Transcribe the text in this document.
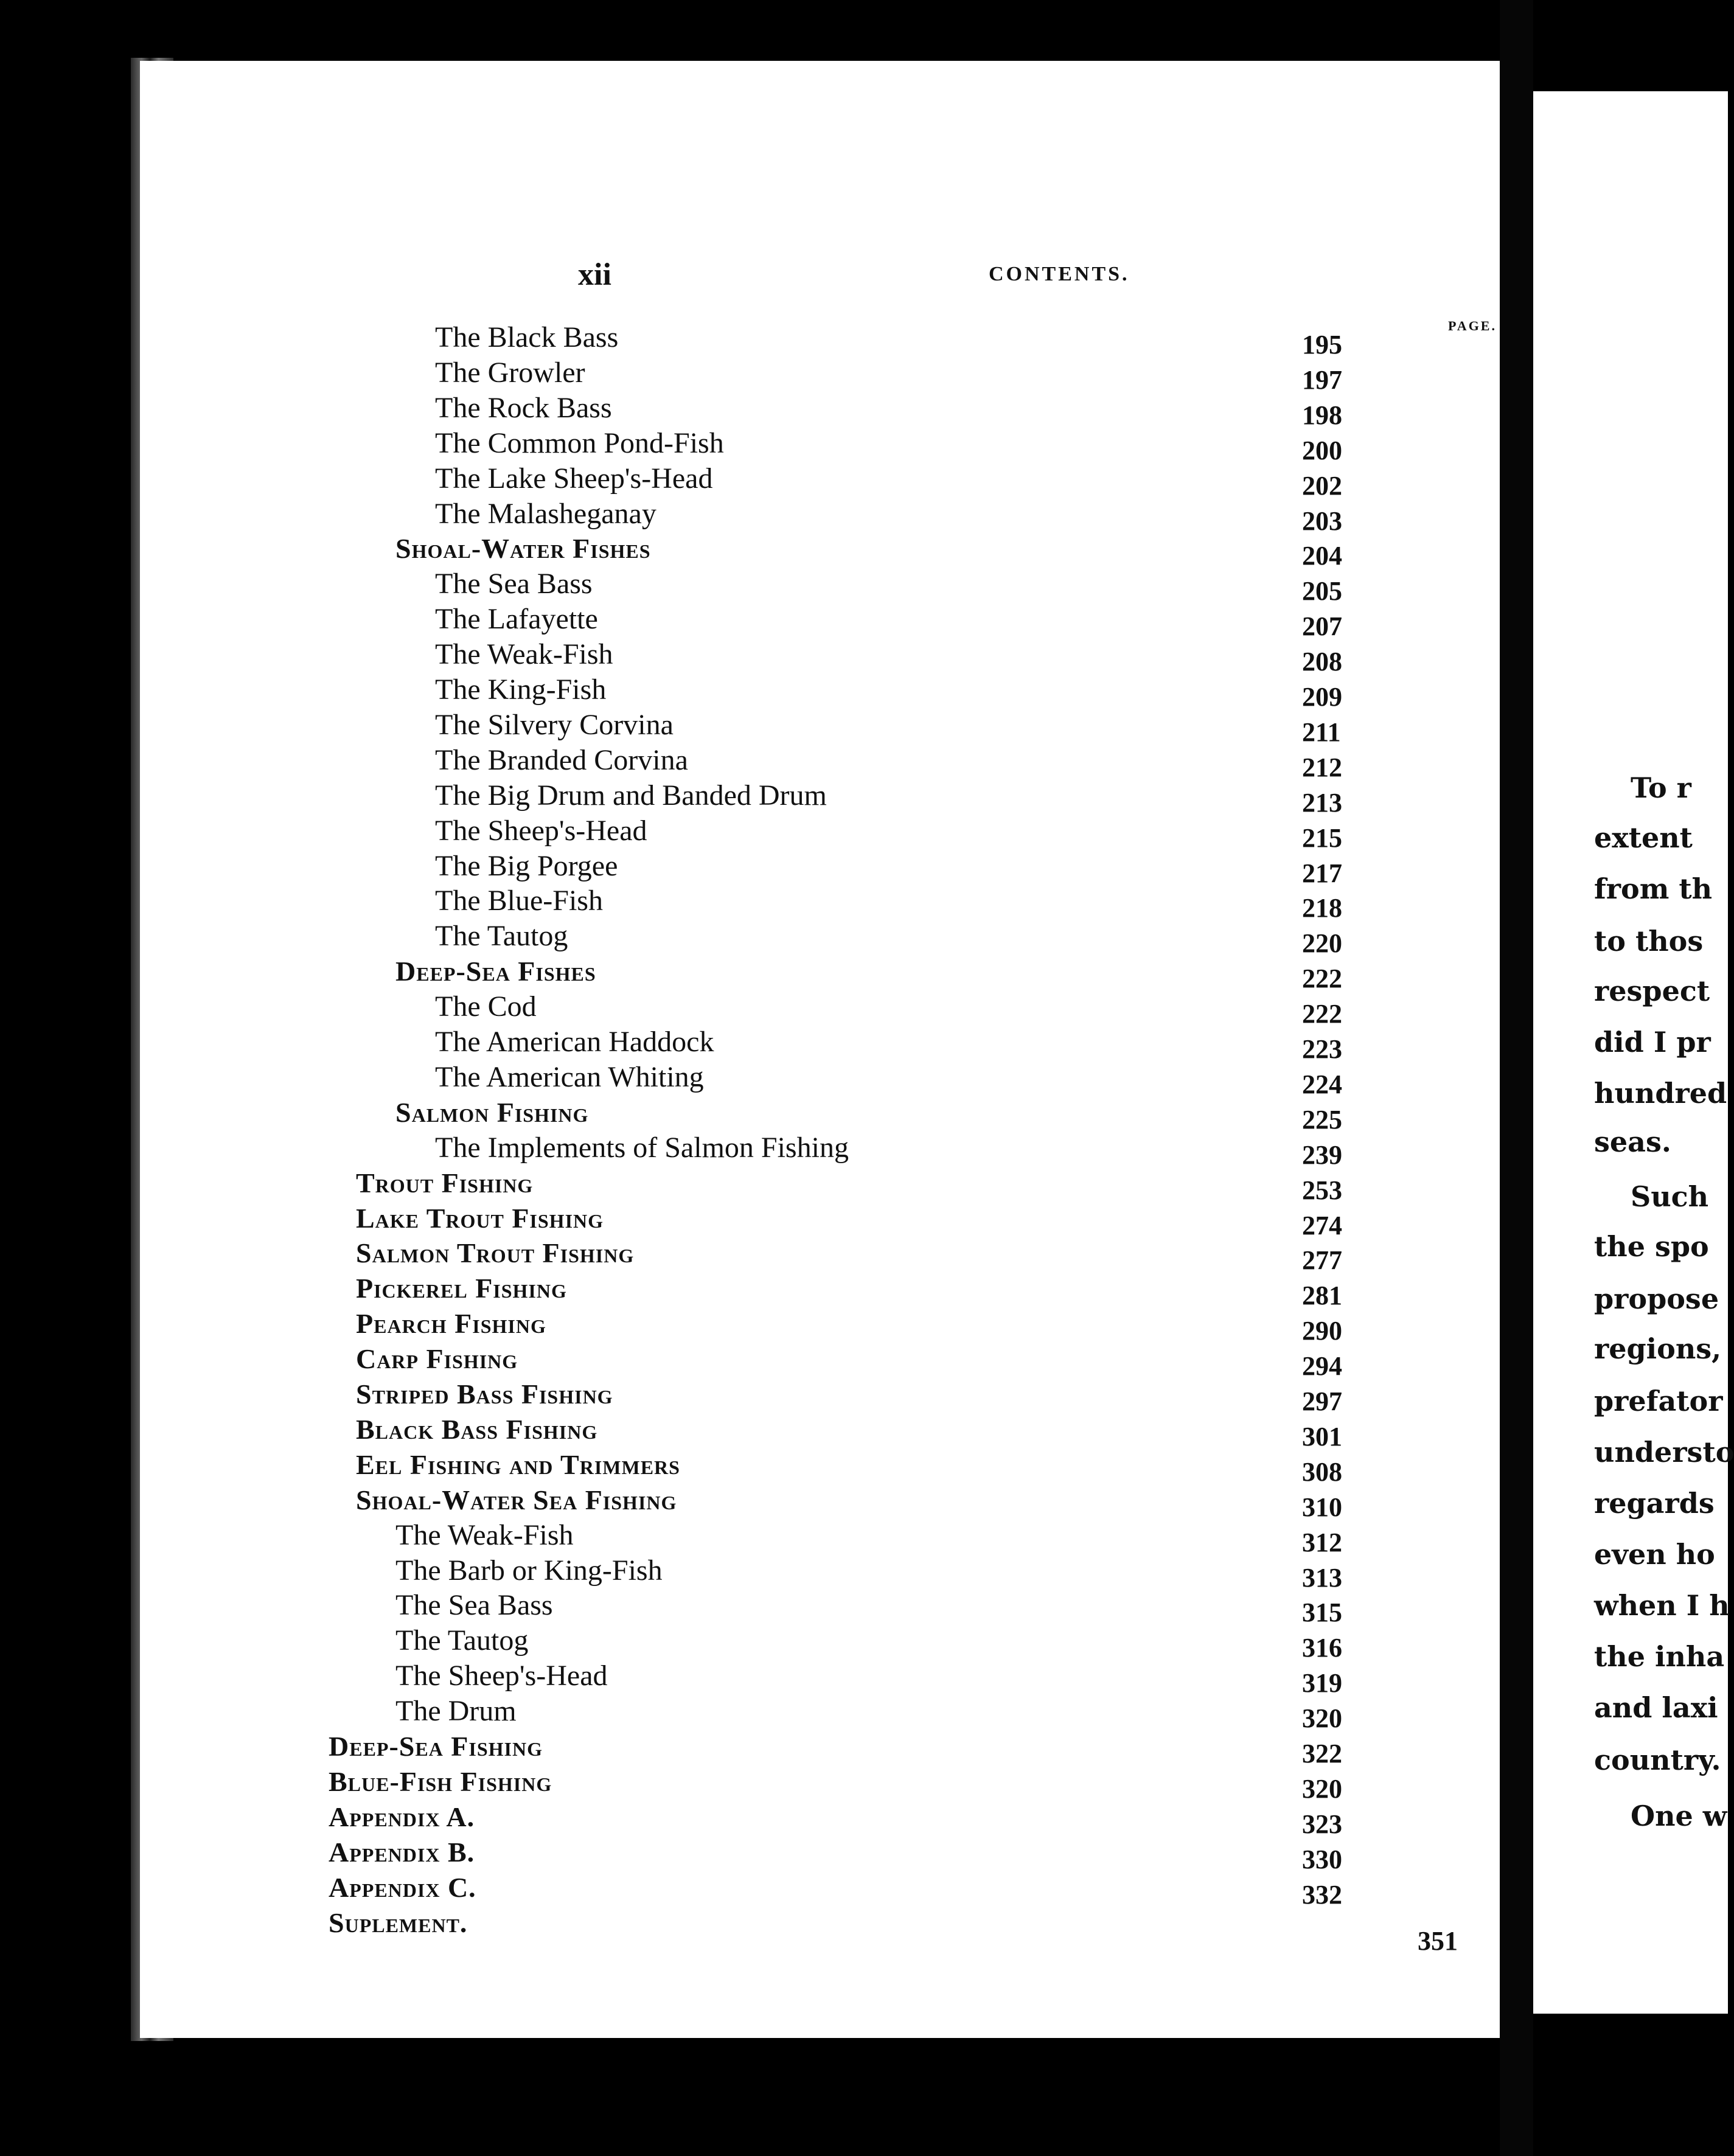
xii	CONTENTS.
PAGE.
The Black Bass	195
The Growler	197
The Rock Bass	198
The Common Pond-Fish	200
The Lake Sheep's-Head	202
The Malasheganay	203
Shoal-Water Fishes	204
The Sea Bass	205
The Lafayette	207
The Weak-Fish	208
The King-Fish	209
The Silvery Corvina	211
The Branded Corvina	212
The Big Drum and Banded Drum	213
The Sheep's-Head	215
The Big Porgee	217
The Blue-Fish	218
The Tautog	220
Deep-Sea Fishes	222
The Cod	222
The American Haddock	223
The American Whiting	224
Salmon Fishing	225
The Implements of Salmon Fishing	239
Trout Fishing	253
Lake Trout Fishing	274
Salmon Trout Fishing	277
Pickerel Fishing	281
Pearch Fishing	290
Carp Fishing	294
Striped Bass Fishing	297
Black Bass Fishing	301
Eel Fishing and Trimmers	308
Shoal-Water Sea Fishing	310
The Weak-Fish	312
The Barb or King-Fish	313
The Sea Bass	315
The Tautog	316
The Sheep's-Head	319
The Drum	320
Deep-Sea Fishing	322
Blue-Fish Fishing	320
Appendix A.	323
Appendix B.	330
Appendix C.	332
Suplement.
351
To r
extent
from th
to thos
respect
did I pr
hundred
seas.
Such
the spo
propose
regions,
prefator
understo
regards
even ho
when I h
the inha
and laxi
country.
One w
